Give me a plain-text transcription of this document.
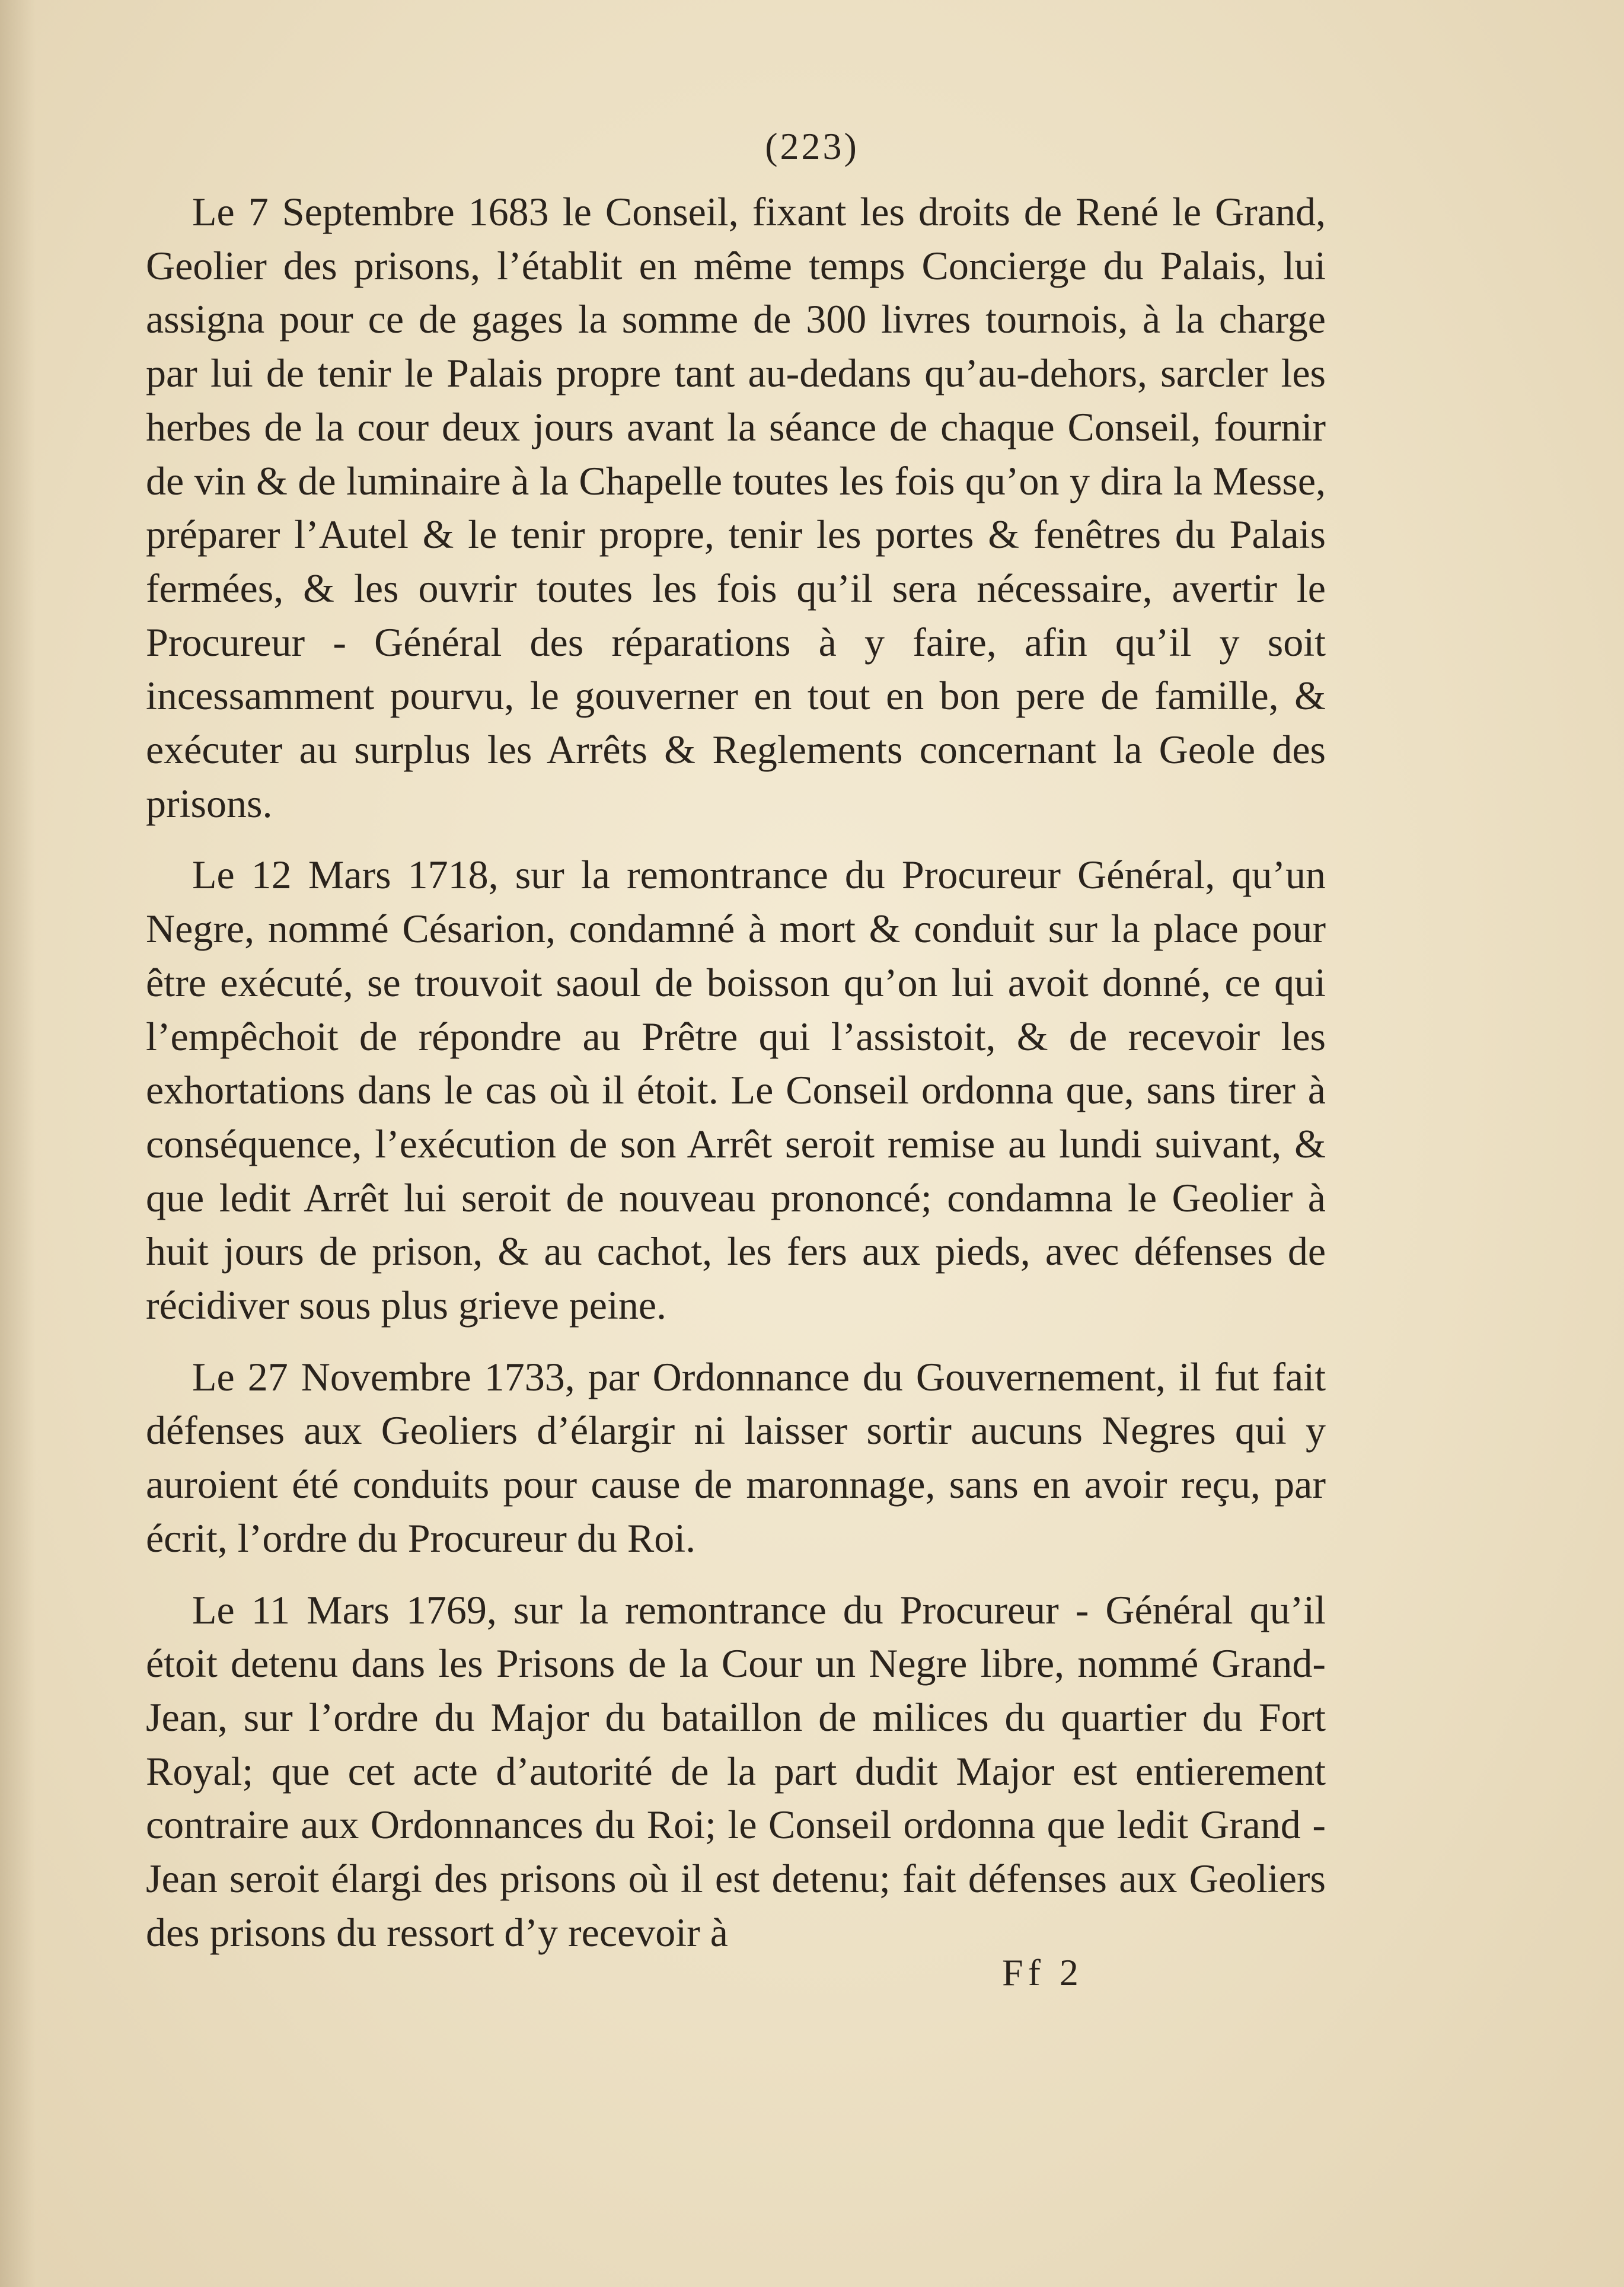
(223)

Le 7 Septembre 1683 le Conseil, fixant les droits de René le Grand, Geolier des prisons, l’établit en même temps Concierge du Palais, lui assigna pour ce de gages la somme de 300 livres tournois, à la charge par lui de tenir le Palais propre tant au-dedans qu’au-dehors, sarcler les herbes de la cour deux jours avant la séance de chaque Conseil, fournir de vin & de luminaire à la Chapelle toutes les fois qu’on y dira la Messe, préparer l’Autel & le tenir propre, tenir les portes & fenêtres du Palais fermées, & les ouvrir toutes les fois qu’il sera nécessaire, avertir le Procureur - Général des réparations à y faire, afin qu’il y soit incessamment pourvu, le gouverner en tout en bon pere de famille, & exécuter au surplus les Arrêts & Reglements concernant la Geole des prisons.

Le 12 Mars 1718, sur la remontrance du Procureur Général, qu’un Negre, nommé Césarion, condamné à mort & conduit sur la place pour être exécuté, se trouvoit saoul de boisson qu’on lui avoit donné, ce qui l’empêchoit de répondre au Prêtre qui l’assistoit, & de recevoir les exhortations dans le cas où il étoit. Le Conseil ordonna que, sans tirer à conséquence, l’exécution de son Arrêt seroit remise au lundi suivant, & que ledit Arrêt lui seroit de nouveau prononcé; condamna le Geolier à huit jours de prison, & au cachot, les fers aux pieds, avec défenses de récidiver sous plus grieve peine.

Le 27 Novembre 1733, par Ordonnance du Gouvernement, il fut fait défenses aux Geoliers d’élargir ni laisser sortir aucuns Negres qui y auroient été conduits pour cause de maronnage, sans en avoir reçu, par écrit, l’ordre du Procureur du Roi.

Le 11 Mars 1769, sur la remontrance du Procureur - Général qu’il étoit detenu dans les Prisons de la Cour un Negre libre, nommé Grand-Jean, sur l’ordre du Major du bataillon de milices du quartier du Fort Royal; que cet acte d’autorité de la part dudit Major est entierement contraire aux Ordonnances du Roi; le Conseil ordonna que ledit Grand - Jean seroit élargi des prisons où il est detenu; fait défenses aux Geoliers des prisons du ressort d’y recevoir à

Ff 2
